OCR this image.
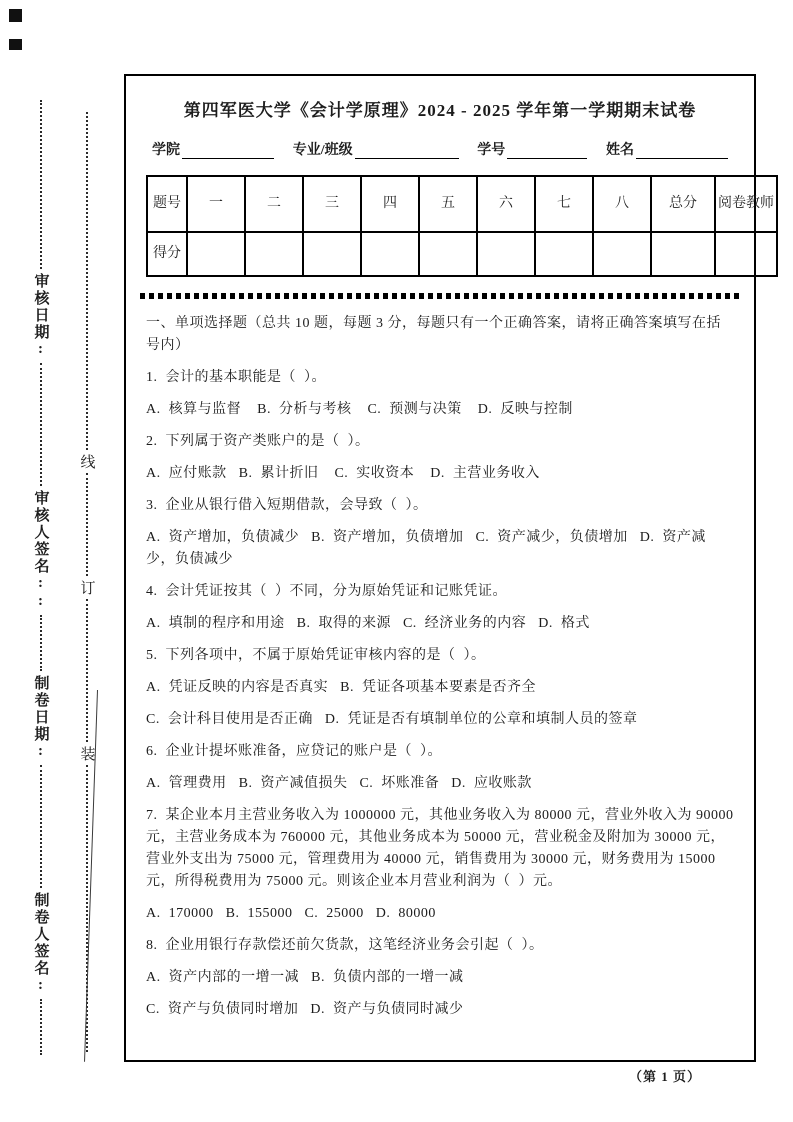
审核日期:
审核人签名::
制卷日期:
制卷人签名:
线
订
装
第四军医大学《会计学原理》2024 - 2025 学年第一学期期末试卷
学院	专业/班级	学号	姓名
题号	一	二	三	四	五	六	七	八	总分	阅卷教师
得分										

一、单项选择题（总共 10 题，每题 3 分，每题只有一个正确答案，请将正确答案填写在括号内）

1.  会计的基本职能是（  ）。

A.  核算与监督    B.  分析与考核    C.  预测与决策    D.  反映与控制

2.  下列属于资产类账户的是（  ）。

A.  应付账款   B.  累计折旧    C.  实收资本    D.  主营业务收入

3.  企业从银行借入短期借款，会导致（  ）。

A.  资产增加，负债减少   B.  资产增加，负债增加   C.  资产减少，负债增加   D.  资产减少，负债减少

4.  会计凭证按其（  ）不同，分为原始凭证和记账凭证。

A.  填制的程序和用途   B.  取得的来源   C.  经济业务的内容   D.  格式

5.  下列各项中，不属于原始凭证审核内容的是（  ）。

A.  凭证反映的内容是否真实   B.  凭证各项基本要素是否齐全

C.  会计科目使用是否正确   D.  凭证是否有填制单位的公章和填制人员的签章

6.  企业计提坏账准备，应贷记的账户是（  ）。

A.  管理费用   B.  资产减值损失   C.  坏账准备   D.  应收账款

7.  某企业本月主营业务收入为 1000000 元，其他业务收入为 80000 元，营业外收入为 90000 元，主营业务成本为 760000 元，其他业务成本为 50000 元，营业税金及附加为 30000 元，营业外支出为 75000 元，管理费用为 40000 元，销售费用为 30000 元，财务费用为 15000 元，所得税费用为 75000 元。则该企业本月营业利润为（  ）元。

A.  170000   B.  155000   C.  25000   D.  80000

8.  企业用银行存款偿还前欠货款，这笔经济业务会引起（  ）。

A.  资产内部的一增一减   B.  负债内部的一增一减

C.  资产与负债同时增加   D.  资产与负债同时减少

（第 1 页）
